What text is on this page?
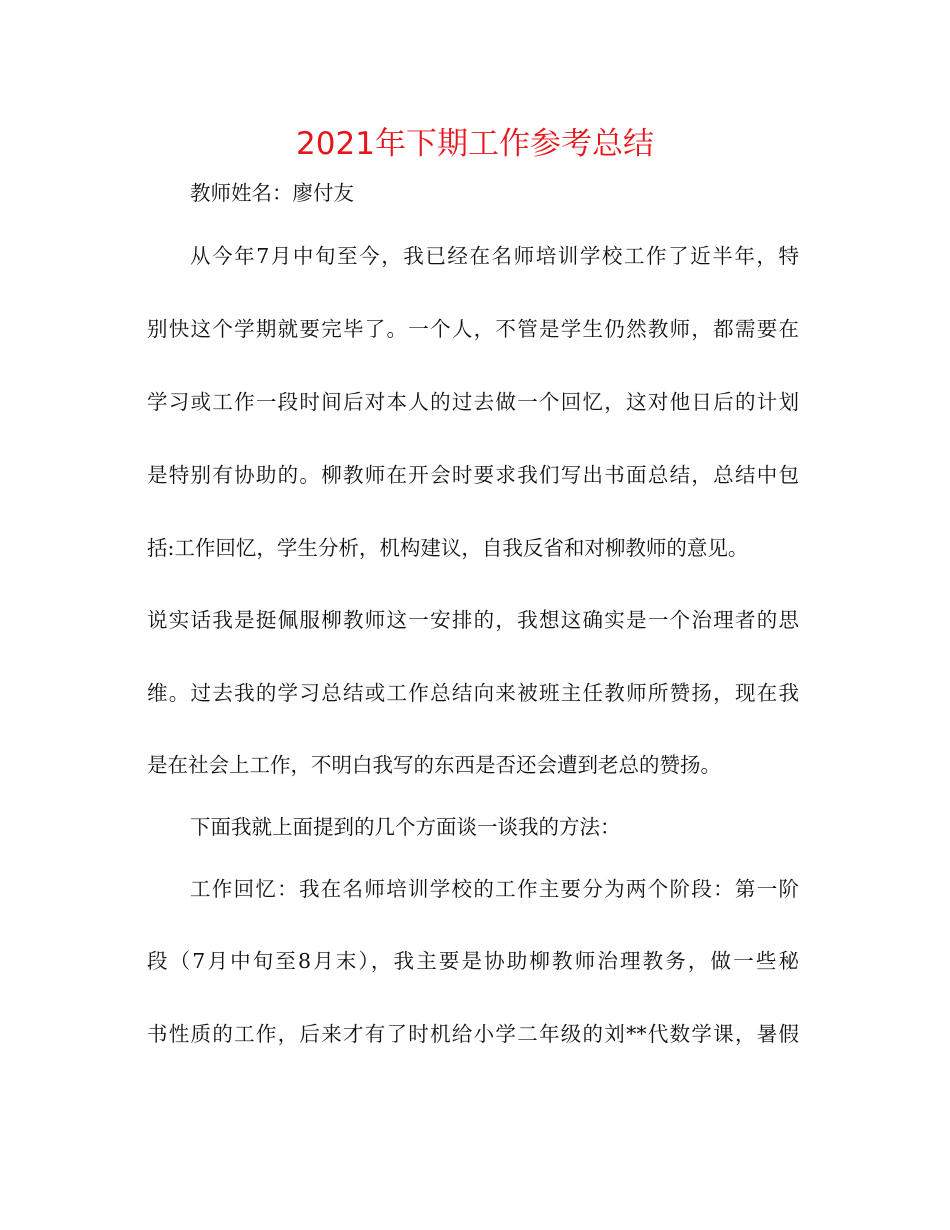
2021年下期工作参考总结

教师姓名：廖付友

从今年7月中旬至今，我已经在名师培训学校工作了近半年，特

别快这个学期就要完毕了。一个人，不管是学生仍然教师，都需要在

学习或工作一段时间后对本人的过去做一个回忆，这对他日后的计划

是特别有协助的。柳教师在开会时要求我们写出书面总结，总结中包

括:工作回忆，学生分析，机构建议，自我反省和对柳教师的意见。

说实话我是挺佩服柳教师这一安排的，我想这确实是一个治理者的思

维。过去我的学习总结或工作总结向来被班主任教师所赞扬，现在我

是在社会上工作，不明白我写的东西是否还会遭到老总的赞扬。

下面我就上面提到的几个方面谈一谈我的方法：

工作回忆：我在名师培训学校的工作主要分为两个阶段：第一阶

段（7月中旬至8月末），我主要是协助柳教师治理教务，做一些秘

书性质的工作，后来才有了时机给小学二年级的刘**代数学课，暑假
